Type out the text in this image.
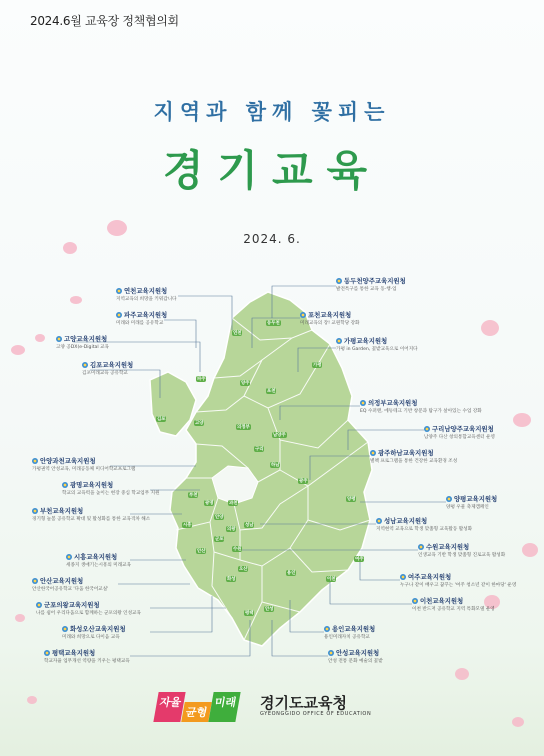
2024.6월 교육장 정책협의회
지역과 함께 꽃피는
경기교육
2024. 6.
연천교육지원청
지역교육의 희망을 키워갑니다
동두천양주교육지원청
발전특구를 통한 교육 동·행·업
파주교육지원청
미래와 미래를 공유학교
포천교육지원청
미래교육의 장! 교원학당 강화
고양교육지원청
고양 공DX(e-Digital 교육
가평교육지원청
가평 in Garden, 꽃밭교육으로 이어지다
김포교육지원청
김포미래교육 공유학교
의정부교육지원청
EQ 수퍼맨, 에듀테크 기반 창문과 탐구가 살아있는 수업 강화
구리남양주교육지원청
남양주 다산 창의통합교육센터 운영
광주하남교육지원청
별책 프로그램을 통한 건강한 교육환경 조성
안양과천교육지원청
가평권역 안성교육, 미래공동체 미디어학교프로그램
광명교육지원청
학교의 교육력을 높이는 현장 중심 학교업무 지원
양평교육지원청
양평 우물 축제캠페인
부천교육지원청
경기형 늘봄 공유학교 확대 및 활성화를 통한 교육격차 해소	성남교육지원청
지역현역 교육으로 학생 맞춤형 교육활동 활성화
수원교육지원청
인생교육 기반 학생 맞춤형 진로교육 활성화
시흥교육지원청
세종지 생애기는시흥의 미래교육
여주교육지원청
누구나 같이 배우고 꿈꾸는 '여주 청소년 같이 한마당' 운영
안산교육지원청
안산한국어공유학교 '다움 한국어교실'
이천교육지원청
이천 반드저 공유학교 지역 특화모델 운영
군포의왕교육지원청
나를 쉼어 우리다움으로 함께하는 군포의왕 인성교육
화성오산교육지원청
미래와 희망으로 다이음 교육
용인교육지원청
용인미래자치 공유학교
평택교육지원청
학교자율 업무개선 역량을 키우는 평택교육
안성교육지원청
안성 전통 문화 예술의 꽃밭
연천
동두천
파주
양주
포천
고양
의정부
가평
김포
남양주
구리
하남
부천
광명	과천
성남
양평
시흥
안양
의왕
군포
수원
안산
광주
화성
오산
용인
여주
이천
평택
안성
자율
균형
미래 경기도교육청
GYEONGGIDO OFFICE OF EDUCATION
